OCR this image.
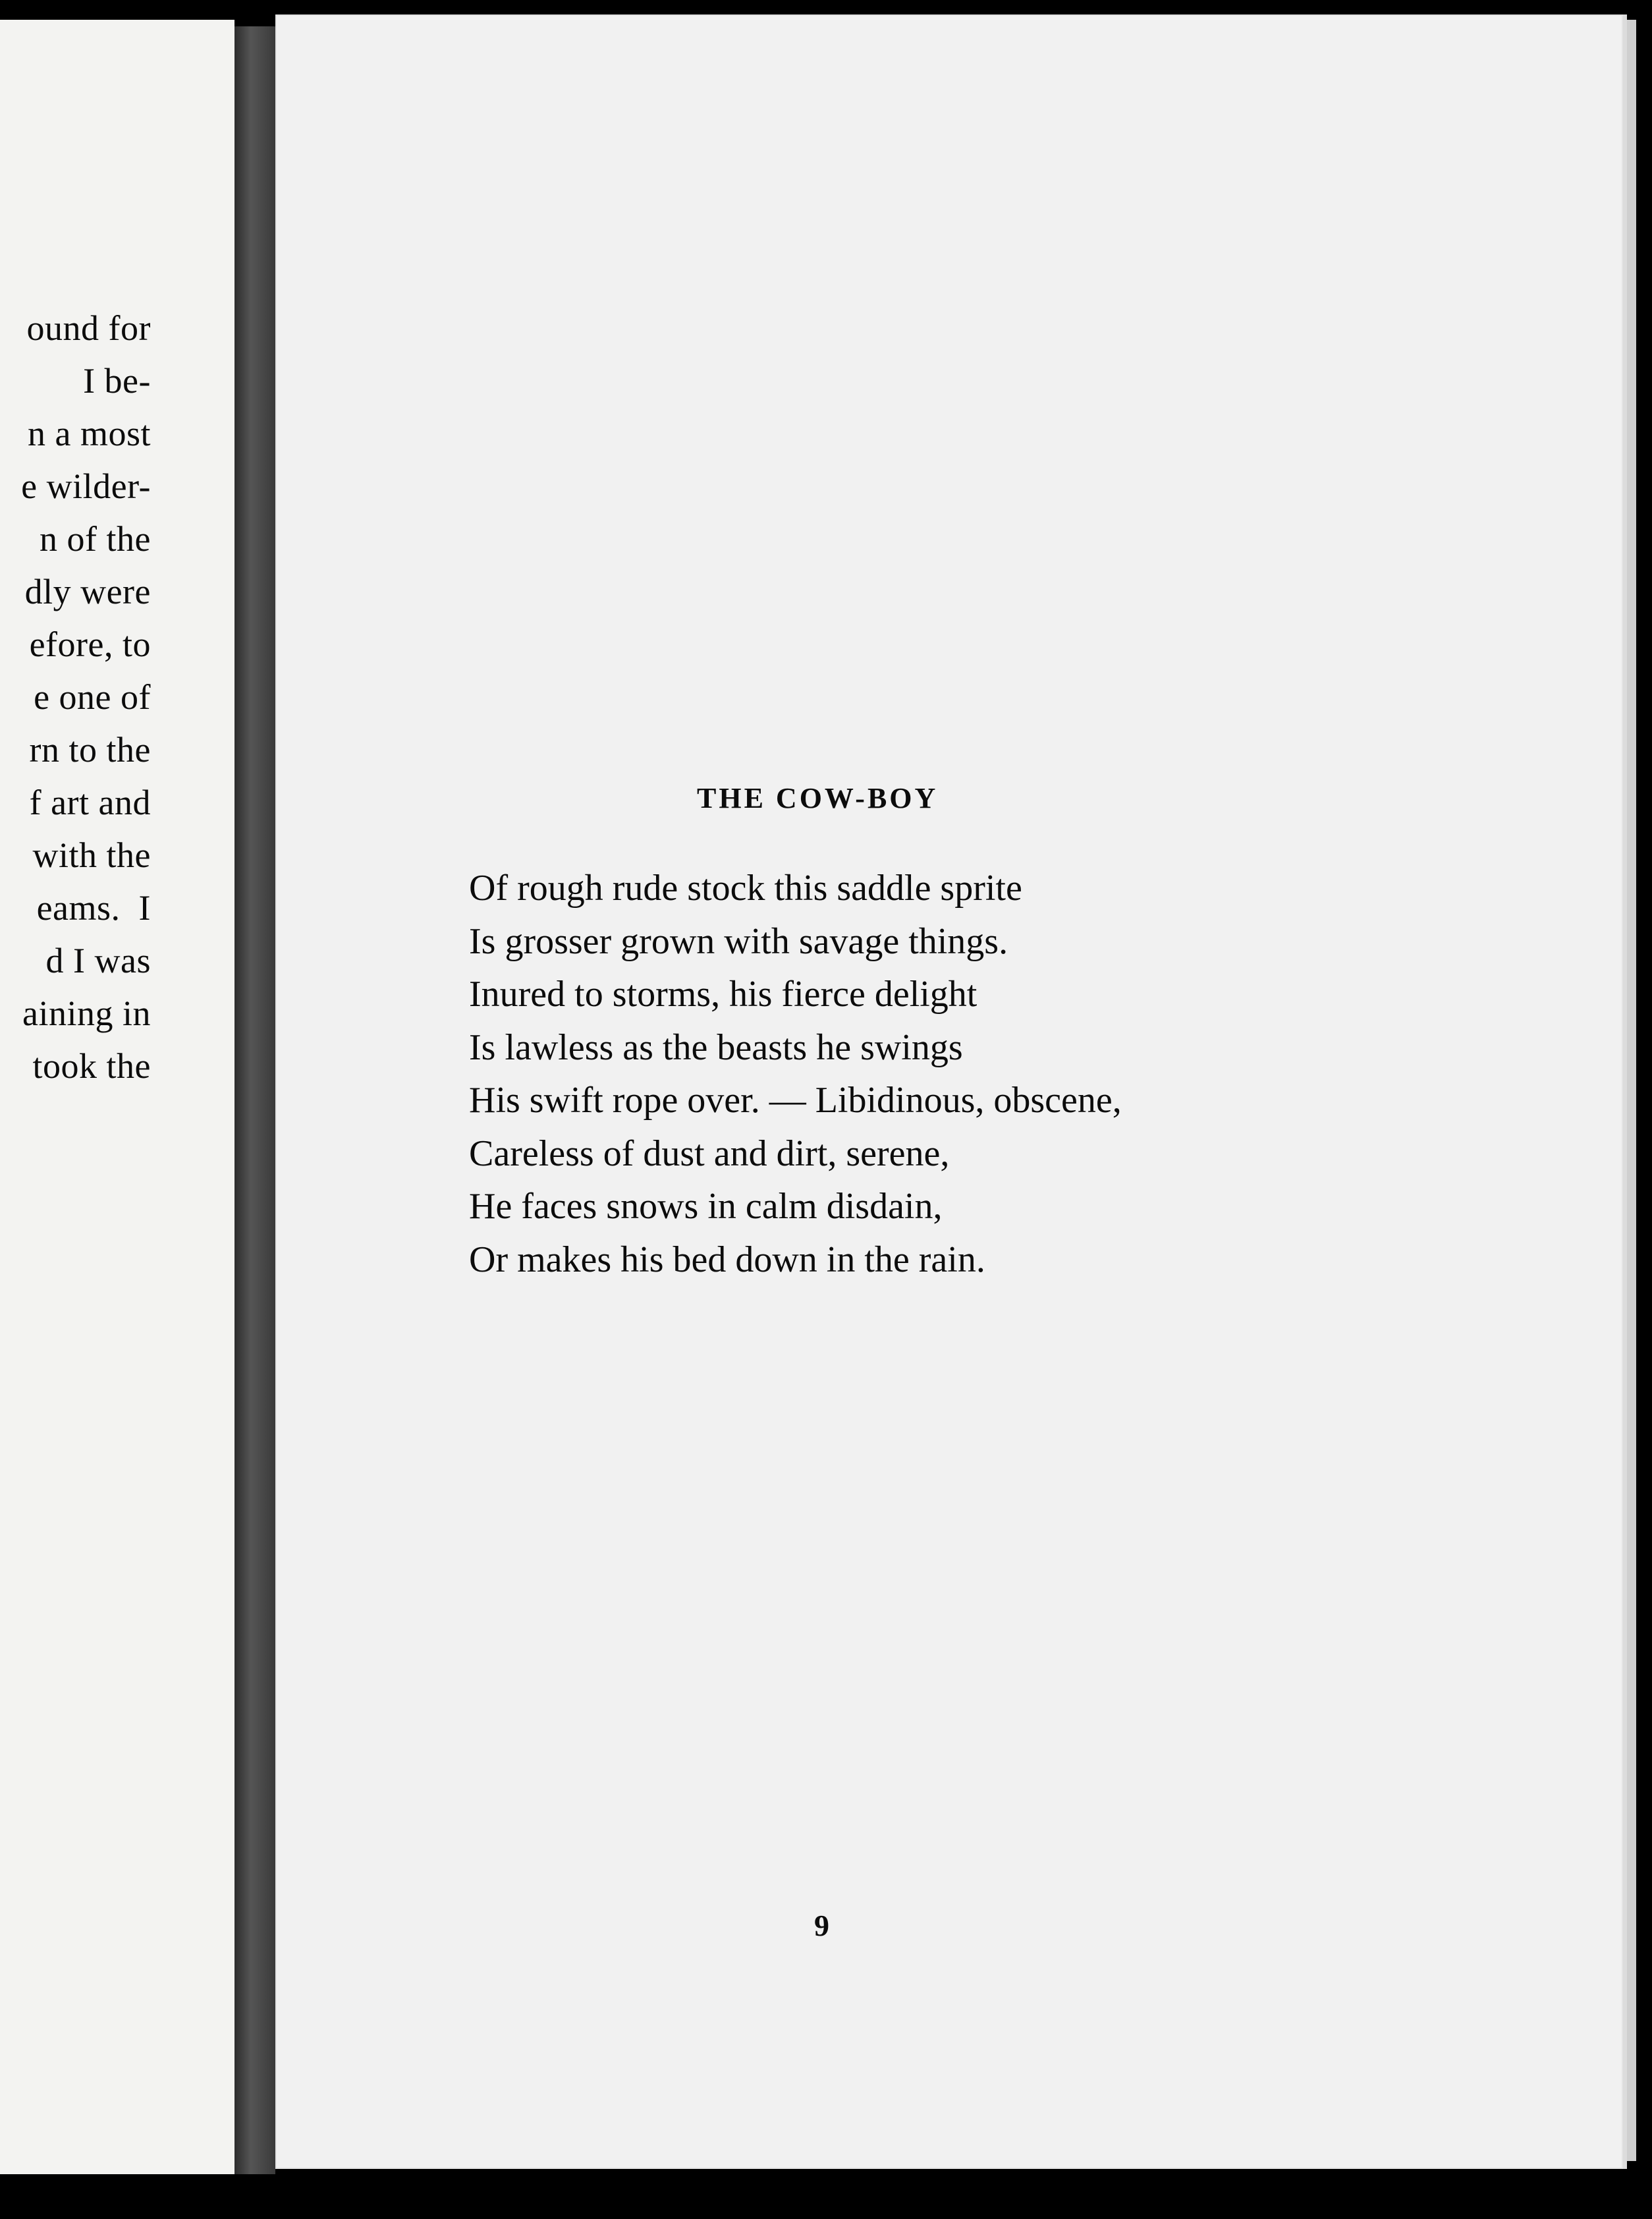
ound for
I be-
n a most
e wilder-
n of the
dly were
efore, to
e one of
rn to the
f art and
with the
eams.  I
d I was
aining in
took the
THE COW-BOY
Of rough rude stock this saddle sprite
Is grosser grown with savage things.
Inured to storms, his fierce delight
Is lawless as the beasts he swings
His swift rope over. — Libidinous, obscene,
Careless of dust and dirt, serene,
He faces snows in calm disdain,
Or makes his bed down in the rain.
9
